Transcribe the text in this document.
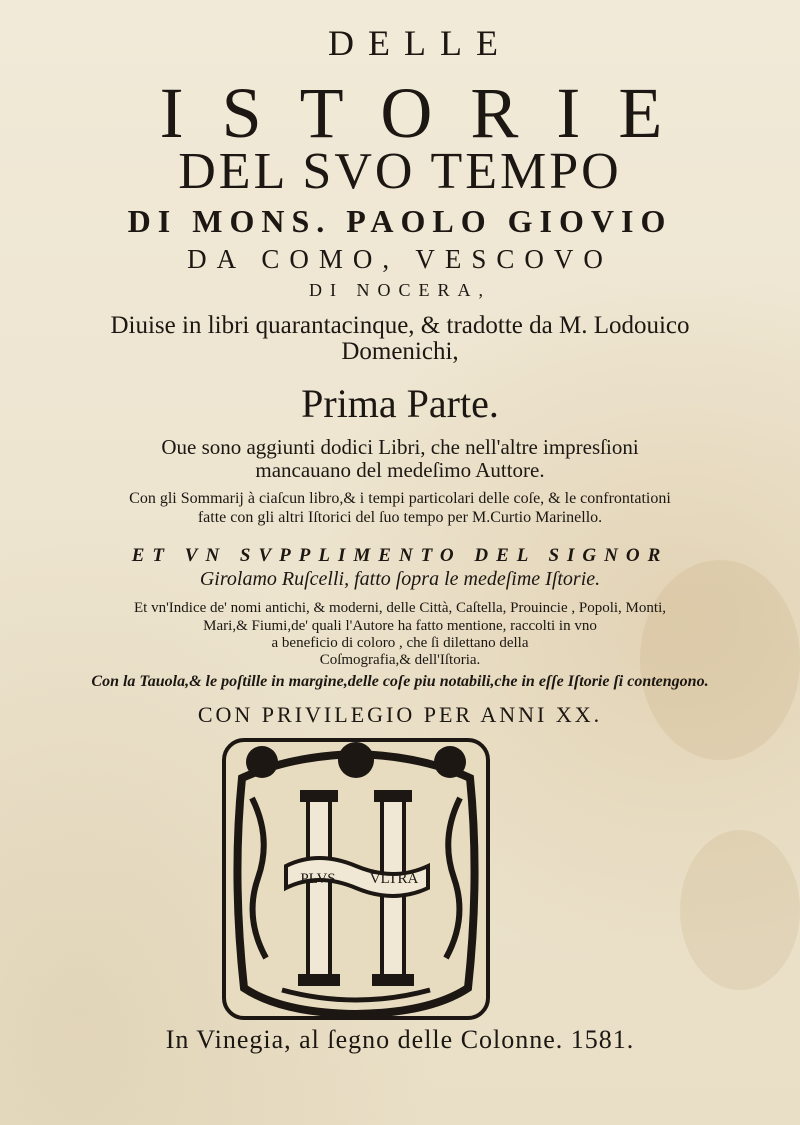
DELLE
ISTORIE
DEL SVO TEMPO
DI MONS. PAOLO GIOVIO
DA COMO, VESCOVO
DI NOCERA,
Diuise in libri quarantacinque, & tradotte da M. Lodouico
Domenichi,
Prima Parte.
Oue sono aggiunti dodici Libri, che nell'altre impresſioni
mancauano del medeſimo Auttore.
Con gli Sommarij à ciaſcun libro,& i tempi particolari delle coſe, & le confrontationi
fatte con gli altri Iſtorici del ſuo tempo per M.Curtio Marinello.
ET VN SVPPLIMENTO DEL SIGNOR
Girolamo Ruſcelli, fatto ſopra le medeſime Iſtorie.
Et vn'Indice de' nomi antichi, & moderni, delle Città, Caſtella, Prouincie , Popoli, Monti,
Mari,& Fiumi,de' quali l'Autore ha fatto mentione, raccolti in vno
a beneficio di coloro , che ſi dilettano della
Coſmografia,& dell'Iſtoria.
Con la Tauola,& le poſtille in margine,delle coſe piu notabili,che in eſſe Iſtorie ſi contengono.
CON PRIVILEGIO PER ANNI XX.
PLVS VLTRA
In Vinegia, al ſegno delle Colonne. 1581.
